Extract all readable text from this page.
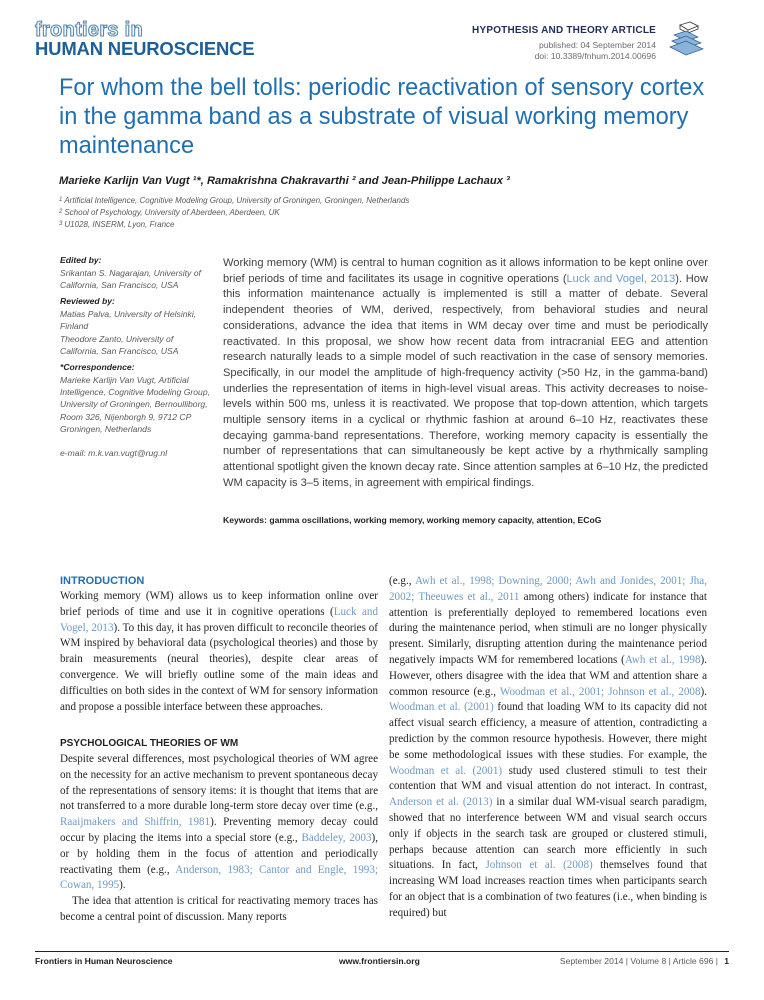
frontiers in
HUMAN NEUROSCIENCE
HYPOTHESIS AND THEORY ARTICLE
published: 04 September 2014
doi: 10.3389/fnhum.2014.00696
For whom the bell tolls: periodic reactivation of sensory cortex in the gamma band as a substrate of visual working memory maintenance
Marieke Karlijn Van Vugt ¹*, Ramakrishna Chakravarthi ² and Jean-Philippe Lachaux ³
$^1$ Artificial Intelligence, Cognitive Modeling Group, University of Groningen, Groningen, Netherlands
$^2$ School of Psychology, University of Aberdeen, Aberdeen, UK
$^3$ U1028, INSERM, Lyon, France
Edited by:
Srikantan S. Nagarajan, University of California, San Francisco, USA
Reviewed by:
Matias Palva, University of Helsinki, Finland
Theodore Zanto, University of California, San Francisco, USA
*Correspondence:
Marieke Karlijn Van Vugt, Artificial Intelligence, Cognitive Modeling Group, University of Groningen, Bernoulliborg, Room 326, Nijenborgh 9, 9712 CP Groningen, Netherlands
e-mail: m.k.van.vugt@rug.nl

Working memory (WM) is central to human cognition as it allows information to be kept online over brief periods of time and facilitates its usage in cognitive operations (Luck and Vogel, 2013). How this information maintenance actually is implemented is still a matter of debate. Several independent theories of WM, derived, respectively, from behavioral studies and neural considerations, advance the idea that items in WM decay over time and must be periodically reactivated. In this proposal, we show how recent data from intracranial EEG and attention research naturally leads to a simple model of such reactivation in the case of sensory memories. Specifically, in our model the amplitude of high-frequency activity (>50 Hz, in the gamma-band) underlies the representation of items in high-level visual areas. This activity decreases to noise-levels within 500 ms, unless it is reactivated. We propose that top-down attention, which targets multiple sensory items in a cyclical or rhythmic fashion at around 6–10 Hz, reactivates these decaying gamma-band representations. Therefore, working memory capacity is essentially the number of representations that can simultaneously be kept active by a rhythmically sampling attentional spotlight given the known decay rate. Since attention samples at 6–10 Hz, the predicted WM capacity is 3–5 items, in agreement with empirical findings.

Keywords: gamma oscillations, working memory, working memory capacity, attention, ECoG
INTRODUCTION

Working memory (WM) allows us to keep information online over brief periods of time and use it in cognitive operations (Luck and Vogel, 2013). To this day, it has proven difficult to reconcile theories of WM inspired by behavioral data (psychological theories) and those by brain measurements (neural theories), despite clear areas of convergence. We will briefly outline some of the main ideas and difficulties on both sides in the context of WM for sensory information and propose a possible interface between these approaches.

PSYCHOLOGICAL THEORIES OF WM

Despite several differences, most psychological theories of WM agree on the necessity for an active mechanism to prevent spontaneous decay of the representations of sensory items: it is thought that items that are not transferred to a more durable long-term store decay over time (e.g., Raaijmakers and Shiffrin, 1981). Preventing memory decay could occur by placing the items into a special store (e.g., Baddeley, 2003), or by holding them in the focus of attention and periodically reactivating them (e.g., Anderson, 1983; Cantor and Engle, 1993; Cowan, 1995).

The idea that attention is critical for reactivating memory traces has become a central point of discussion. Many reports

(e.g., Awh et al., 1998; Downing, 2000; Awh and Jonides, 2001; Jha, 2002; Theeuwes et al., 2011 among others) indicate for instance that attention is preferentially deployed to remembered locations even during the maintenance period, when stimuli are no longer physically present. Similarly, disrupting attention during the maintenance period negatively impacts WM for remembered locations (Awh et al., 1998). However, others disagree with the idea that WM and attention share a common resource (e.g., Woodman et al., 2001; Johnson et al., 2008). Woodman et al. (2001) found that loading WM to its capacity did not affect visual search efficiency, a measure of attention, contradicting a prediction by the common resource hypothesis. However, there might be some methodological issues with these studies. For example, the Woodman et al. (2001) study used clustered stimuli to test their contention that WM and visual attention do not interact. In contrast, Anderson et al. (2013) in a similar dual WM-visual search paradigm, showed that no interference between WM and visual search occurs only if objects in the search task are grouped or clustered stimuli, perhaps because attention can search more efficiently in such situations. In fact, Johnson et al. (2008) themselves found that increasing WM load increases reaction times when participants search for an object that is a combination of two features (i.e., when binding is required) but

Frontiers in Human Neuroscience	www.frontiersin.org	September 2014 | Volume 8 | Article 696 | 1
